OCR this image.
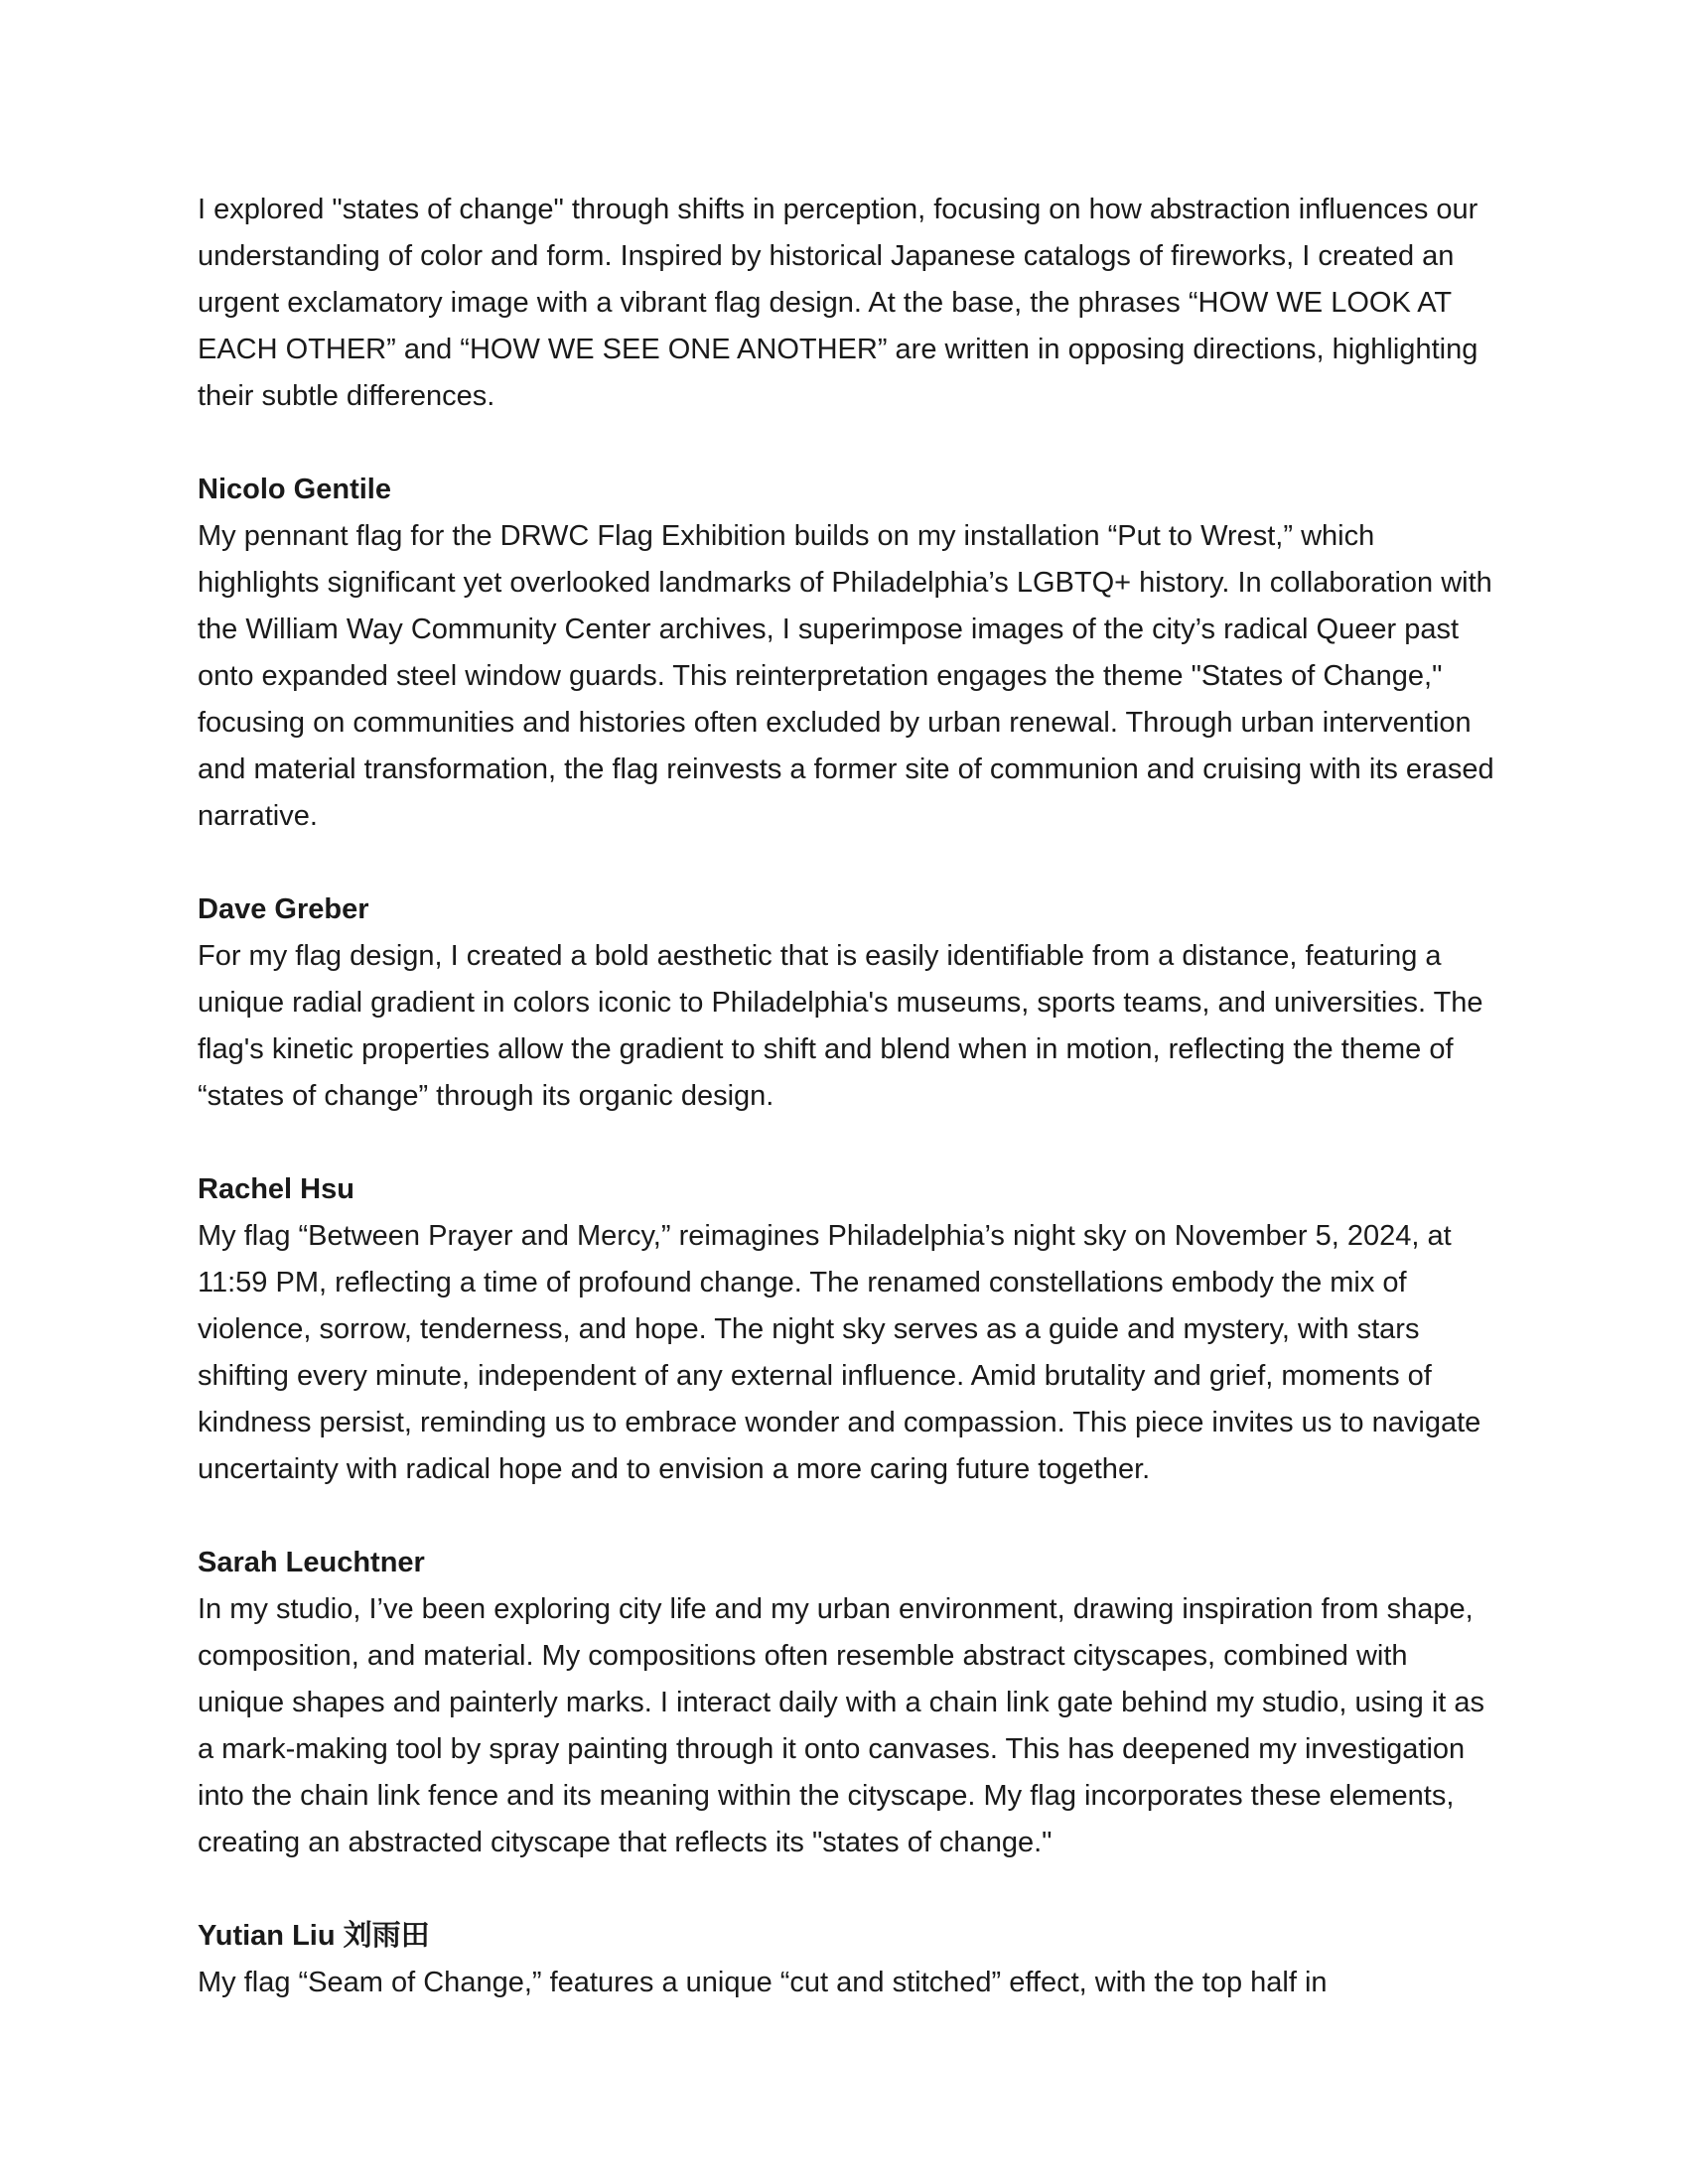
I explored "states of change" through shifts in perception, focusing on how abstraction influences our understanding of color and form. Inspired by historical Japanese catalogs of fireworks, I created an urgent exclamatory image with a vibrant flag design. At the base, the phrases “HOW WE LOOK AT EACH OTHER” and “HOW WE SEE ONE ANOTHER” are written in opposing directions, highlighting their subtle differences.

Nicolo Gentile

My pennant flag for the DRWC Flag Exhibition builds on my installation “Put to Wrest,” which highlights significant yet overlooked landmarks of Philadelphia’s LGBTQ+ history. In collaboration with the William Way Community Center archives, I superimpose images of the city’s radical Queer past onto expanded steel window guards. This reinterpretation engages the theme "States of Change," focusing on communities and histories often excluded by urban renewal. Through urban intervention and material transformation, the flag reinvests a former site of communion and cruising with its erased narrative.

Dave Greber

For my flag design, I created a bold aesthetic that is easily identifiable from a distance, featuring a unique radial gradient in colors iconic to Philadelphia's museums, sports teams, and universities. The flag's kinetic properties allow the gradient to shift and blend when in motion, reflecting the theme of “states of change” through its organic design.

Rachel Hsu

My flag “Between Prayer and Mercy,” reimagines Philadelphia’s night sky on November 5, 2024, at 11:59 PM, reflecting a time of profound change. The renamed constellations embody the mix of violence, sorrow, tenderness, and hope. The night sky serves as a guide and mystery, with stars shifting every minute, independent of any external influence. Amid brutality and grief, moments of kindness persist, reminding us to embrace wonder and compassion. This piece invites us to navigate uncertainty with radical hope and to envision a more caring future together.

Sarah Leuchtner

In my studio, I’ve been exploring city life and my urban environment, drawing inspiration from shape, composition, and material. My compositions often resemble abstract cityscapes, combined with unique shapes and painterly marks. I interact daily with a chain link gate behind my studio, using it as a mark-making tool by spray painting through it onto canvases. This has deepened my investigation into the chain link fence and its meaning within the cityscape. My flag incorporates these elements, creating an abstracted cityscape that reflects its "states of change."

Yutian Liu 刘雨田

My flag “Seam of Change,” features a unique “cut and stitched” effect, with the top half in
